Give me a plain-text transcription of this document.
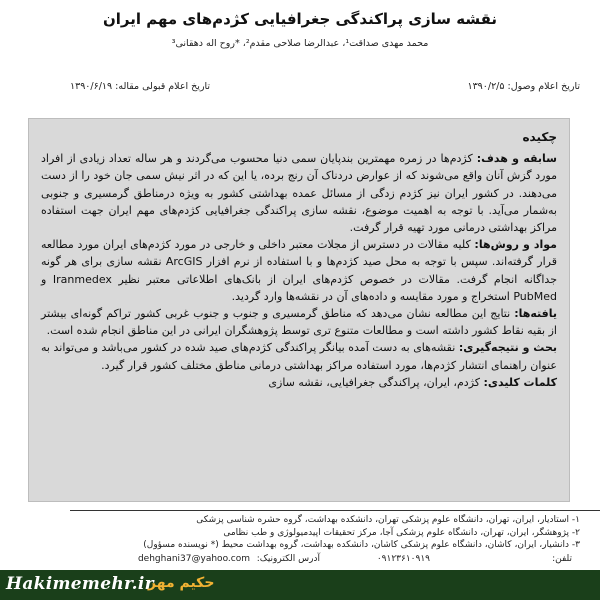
نقشه سازی پراکندگی جغرافیایی کژدم‌های مهم ایران
محمد مهدی صداقت¹، عبدالرضا صلاحی مقدم²، *روح اله دهقانی³
تاریخ اعلام وصول: ۱۳۹۰/۲/۵
تاریخ اعلام قبولی مقاله: ۱۳۹۰/۶/۱۹
چکیده

سابقه و هدف: کژدم‌ها در زمره مهمترین بندپایان سمی دنیا محسوب می‌گردند و هر ساله تعداد زیادی از افراد مورد گزش آنان واقع می‌شوند که از عوارض دردناک آن رنج برده، یا این که در اثر نیش سمی جان خود را از دست می‌دهند. در کشور ایران نیز کژدم زدگی از مسائل عمده بهداشتی کشور به ویژه درمناطق گرمسیری و جنوبی به‌شمار می‌آید. با توجه به اهمیت موضوع، نقشه سازی پراکندگی جغرافیایی کژدم‌های مهم ایران جهت استفاده مراکز بهداشتی درمانی مورد تهیه قرار گرفت.

مواد و روش‌ها: کلیه مقالات در دسترس از مجلات معتبر داخلی و خارجی در مورد کژدم‌های ایران مورد مطالعه قرار گرفته‌اند. سپس با توجه به محل صید کژدم‌ها و با استفاده از نرم افزار ArcGIS نقشه سازی برای هر گونه جداگانه انجام گرفت. مقالات در خصوص کژدم‌های ایران از بانک‌های اطلاعاتی معتبر نظیر Iranmedex و PubMed استخراج و مورد مقایسه و داده‌های آن در نقشه‌ها وارد گردید.

یافته‌ها: نتایج این مطالعه نشان می‌دهد که مناطق گرمسیری و جنوب و جنوب غربی کشور تراکم گونه‌ای بیشتر از بقیه نقاط کشور داشته است و مطالعات متنوع تری توسط پژوهشگران ایرانی در این مناطق انجام شده است.

بحث و نتیجه‌گیری: نقشه‌های به دست آمده بیانگر پراکندگی کژدم‌های صید شده در کشور می‌باشد و می‌تواند به عنوان راهنمای انتشار کژدم‌ها، مورد استفاده مراکز بهداشتی درمانی مناطق مختلف کشور قرار گیرد.

کلمات کلیدی: کژدم، ایران، پراکندگی جغرافیایی، نقشه سازی

۱- استادیار، ایران، تهران، دانشگاه علوم پزشکی تهران، دانشکده بهداشت، گروه حشره شناسی پزشکی
۲- پژوهشگر، ایران، تهران، دانشگاه علوم پزشکی آجا، مرکز تحقیقات اپیدمیولوژی و طب نظامی
۳- دانشیار، ایران، کاشان، دانشگاه علوم پزشکی کاشان، دانشکده بهداشت، گروه بهداشت محیط (* نویسنده مسؤول)
تلفن:
۰۹۱۲۳۶۱۰۹۱۹
آدرس الکترونیک:
dehghani37@yahoo.com
Hakimemehr.ir
حکیم مهر
